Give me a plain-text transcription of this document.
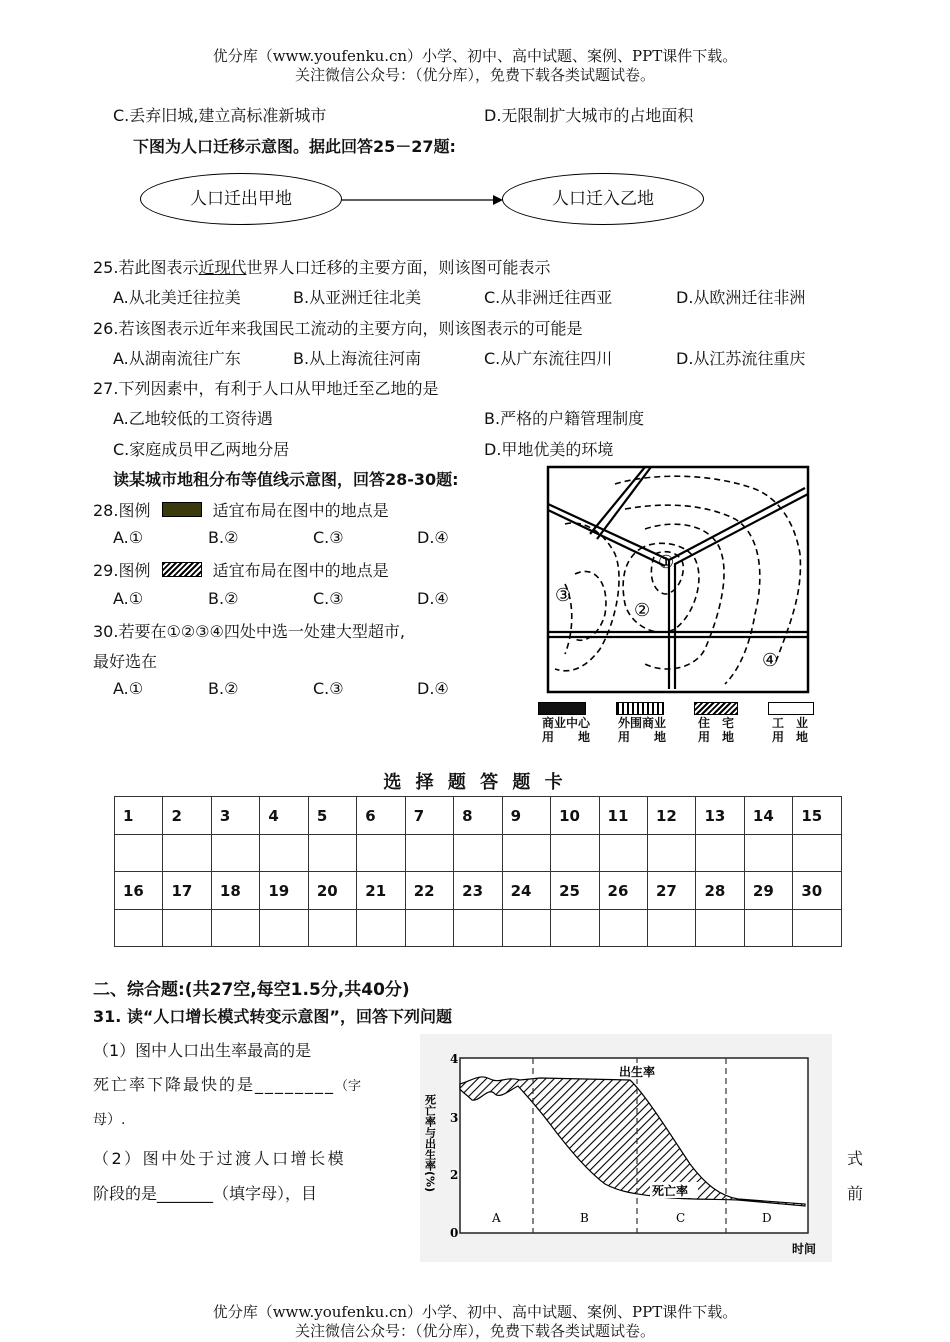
优分库（www.youfenku.cn）小学、初中、高中试题、案例、PPT课件下载。
关注微信公众号：（优分库），免费下载各类试题试卷。
C.丢弃旧城,建立高标准新城市	D.无限制扩大城市的占地面积
下图为人口迁移示意图。据此回答25－27题:
人口迁出甲地	人口迁入乙地
25.若此图表示近现代世界人口迁移的主要方面，则该图可能表示
A.从北美迁往拉美	B.从亚洲迁往北美	C.从非洲迁往西亚	D.从欧洲迁往非洲
26.若该图表示近年来我国民工流动的主要方向，则该图表示的可能是
A.从湖南流往广东	B.从上海流往河南	C.从广东流往四川	D.从江苏流往重庆
27.下列因素中，有利于人口从甲地迁至乙地的是
A.乙地较低的工资待遇	B.严格的户籍管理制度
C.家庭成员甲乙两地分居	D.甲地优美的环境
读某城市地租分布等值线示意图，回答28-30题:
28.图例	适宜布局在图中的地点是
A.①	B.②	C.③	D.④
29.图例	适宜布局在图中的地点是
A.①	B.②	C.③	D.④
30.若要在①②③④四处中选一处建大型超市,
最好选在
A.①	B.②	C.③	D.④
①
②
③
④
商业中心
用　　地
外围商业
用　　地
住　宅
用　地
工　业
用　地
选 择 题 答 题 卡
1	2	3	4	5	6	7	8	9	10	11	12	13	14	15

16	17	18	19	20	21	22	23	24	25	26	27	28	29	30

二、综合题:(共27空,每空1.5分,共40分)
31. 读“人口增长模式转变示意图”，回答下列问题
（1）图中人口出生率最高的是
死亡率下降最快的是________（字
母）.
（2）图中处于过渡人口增长模	式
阶段的是_______（填字母），目	前
4
3
2
0
死亡率与出生率(%)
A	B	C	D
出生率
死亡率
时间
优分库（www.youfenku.cn）小学、初中、高中试题、案例、PPT课件下载。
关注微信公众号：（优分库），免费下载各类试题试卷。
